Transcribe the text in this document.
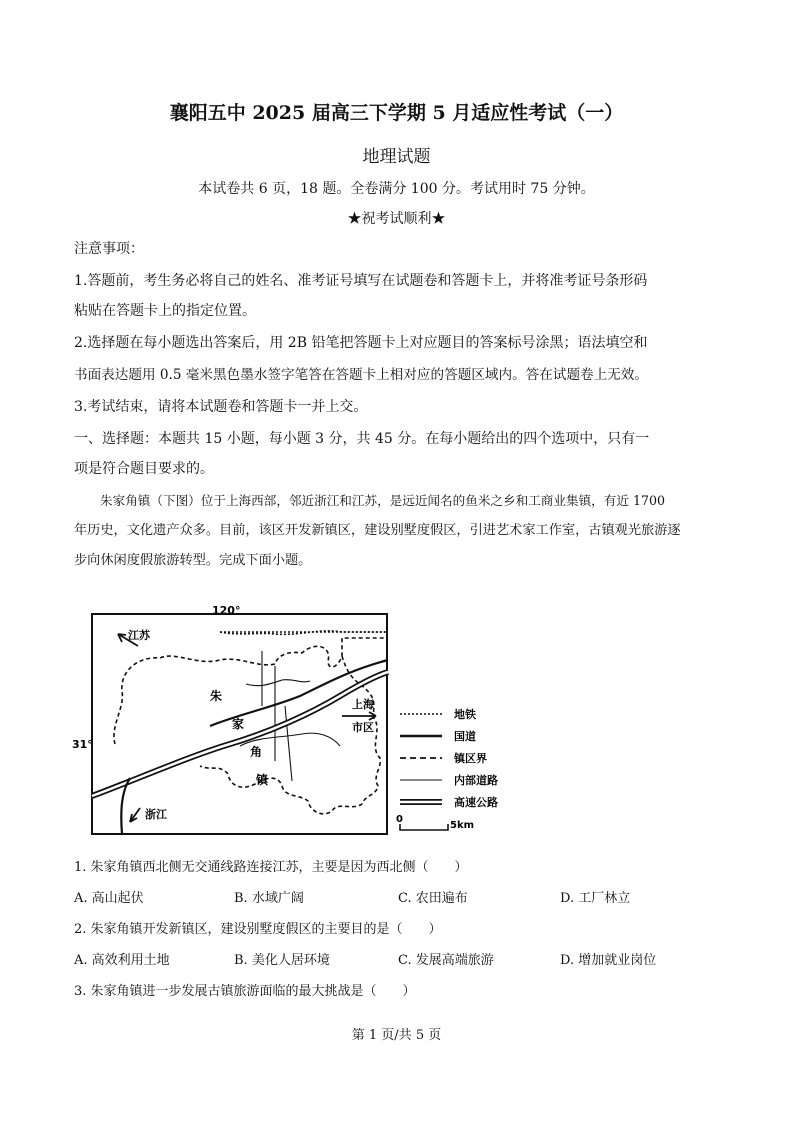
襄阳五中 2025 届高三下学期 5 月适应性考试（一）
地理试题
本试卷共 6 页，18 题。全卷满分 100 分。考试用时 75 分钟。
★祝考试顺利★
注意事项：
1.答题前，考生务必将自己的姓名、准考证号填写在试题卷和答题卡上，并将准考证号条形码
粘贴在答题卡上的指定位置。
2.选择题在每小题选出答案后，用 2B 铅笔把答题卡上对应题目的答案标号涂黑；语法填空和
书面表达题用 0.5 毫米黑色墨水签字笔答在答题卡上相对应的答题区域内。答在试题卷上无效。
3.考试结束，请将本试题卷和答题卡一并上交。
一、选择题：本题共 15 小题，每小题 3 分，共 45 分。在每小题给出的四个选项中，只有一
项是符合题目要求的。
朱家角镇（下图）位于上海西部，邻近浙江和江苏，是远近闻名的鱼米之乡和工商业集镇，有近 1700
年历史，文化遗产众多。目前，该区开发新镇区，建设别墅度假区，引进艺术家工作室，古镇观光旅游逐
步向休闲度假旅游转型。完成下面小题。
120°
31°
江苏
浙江
上海
市区
朱
家
角
镇
地铁
国道
镇区界
内部道路
高速公路
0
5km
1. 朱家角镇西北侧无交通线路连接江苏，主要是因为西北侧（　　）
A. 高山起伏	B. 水域广阔	C. 农田遍布	D. 工厂林立
2. 朱家角镇开发新镇区，建设别墅度假区的主要目的是（　　）
A. 高效利用土地	B. 美化人居环境	C. 发展高端旅游	D. 增加就业岗位
3. 朱家角镇进一步发展古镇旅游面临的最大挑战是（　　）
第 1 页/共 5 页
